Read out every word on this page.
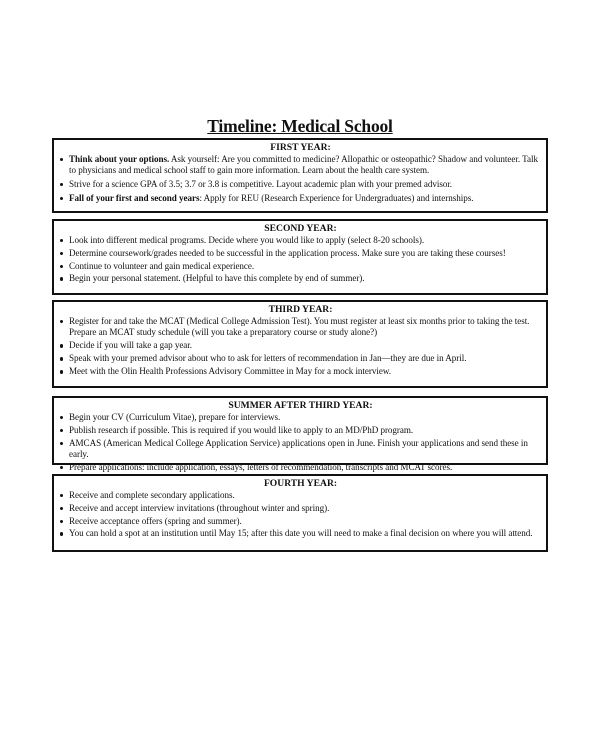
Timeline: Medical School
FIRST YEAR:
Think about your options. Ask yourself: Are you committed to medicine? Allopathic or osteopathic? Shadow and volunteer. Talk to physicians and medical school staff to gain more information. Learn about the health care system.
Strive for a science GPA of 3.5; 3.7 or 3.8 is competitive. Layout academic plan with your premed advisor.
Fall of your first and second years: Apply for REU (Research Experience for Undergraduates) and internships.
SECOND YEAR:
Look into different medical programs. Decide where you would like to apply (select 8-20 schools).
Determine coursework/grades needed to be successful in the application process. Make sure you are taking these courses!
Continue to volunteer and gain medical experience.
Begin your personal statement. (Helpful to have this complete by end of summer).
THIRD YEAR:
Register for and take the MCAT (Medical College Admission Test). You must register at least six months prior to taking the test. Prepare an MCAT study schedule (will you take a preparatory course or study alone?)
Decide if you will take a gap year.
Speak with your premed advisor about who to ask for letters of recommendation in Jan—they are due in April.
Meet with the Olin Health Professions Advisory Committee in May for a mock interview.
SUMMER AFTER THIRD YEAR:
Begin your CV (Curriculum Vitae), prepare for interviews.
Publish research if possible. This is required if you would like to apply to an MD/PhD program.
AMCAS (American Medical College Application Service) applications open in June. Finish your applications and send these in early.
Prepare applications: include application, essays, letters of recommendation, transcripts and MCAT scores.
FOURTH YEAR:
Receive and complete secondary applications.
Receive and accept interview invitations (throughout winter and spring).
Receive acceptance offers (spring and summer).
You can hold a spot at an institution until May 15; after this date you will need to make a final decision on where you will attend.
